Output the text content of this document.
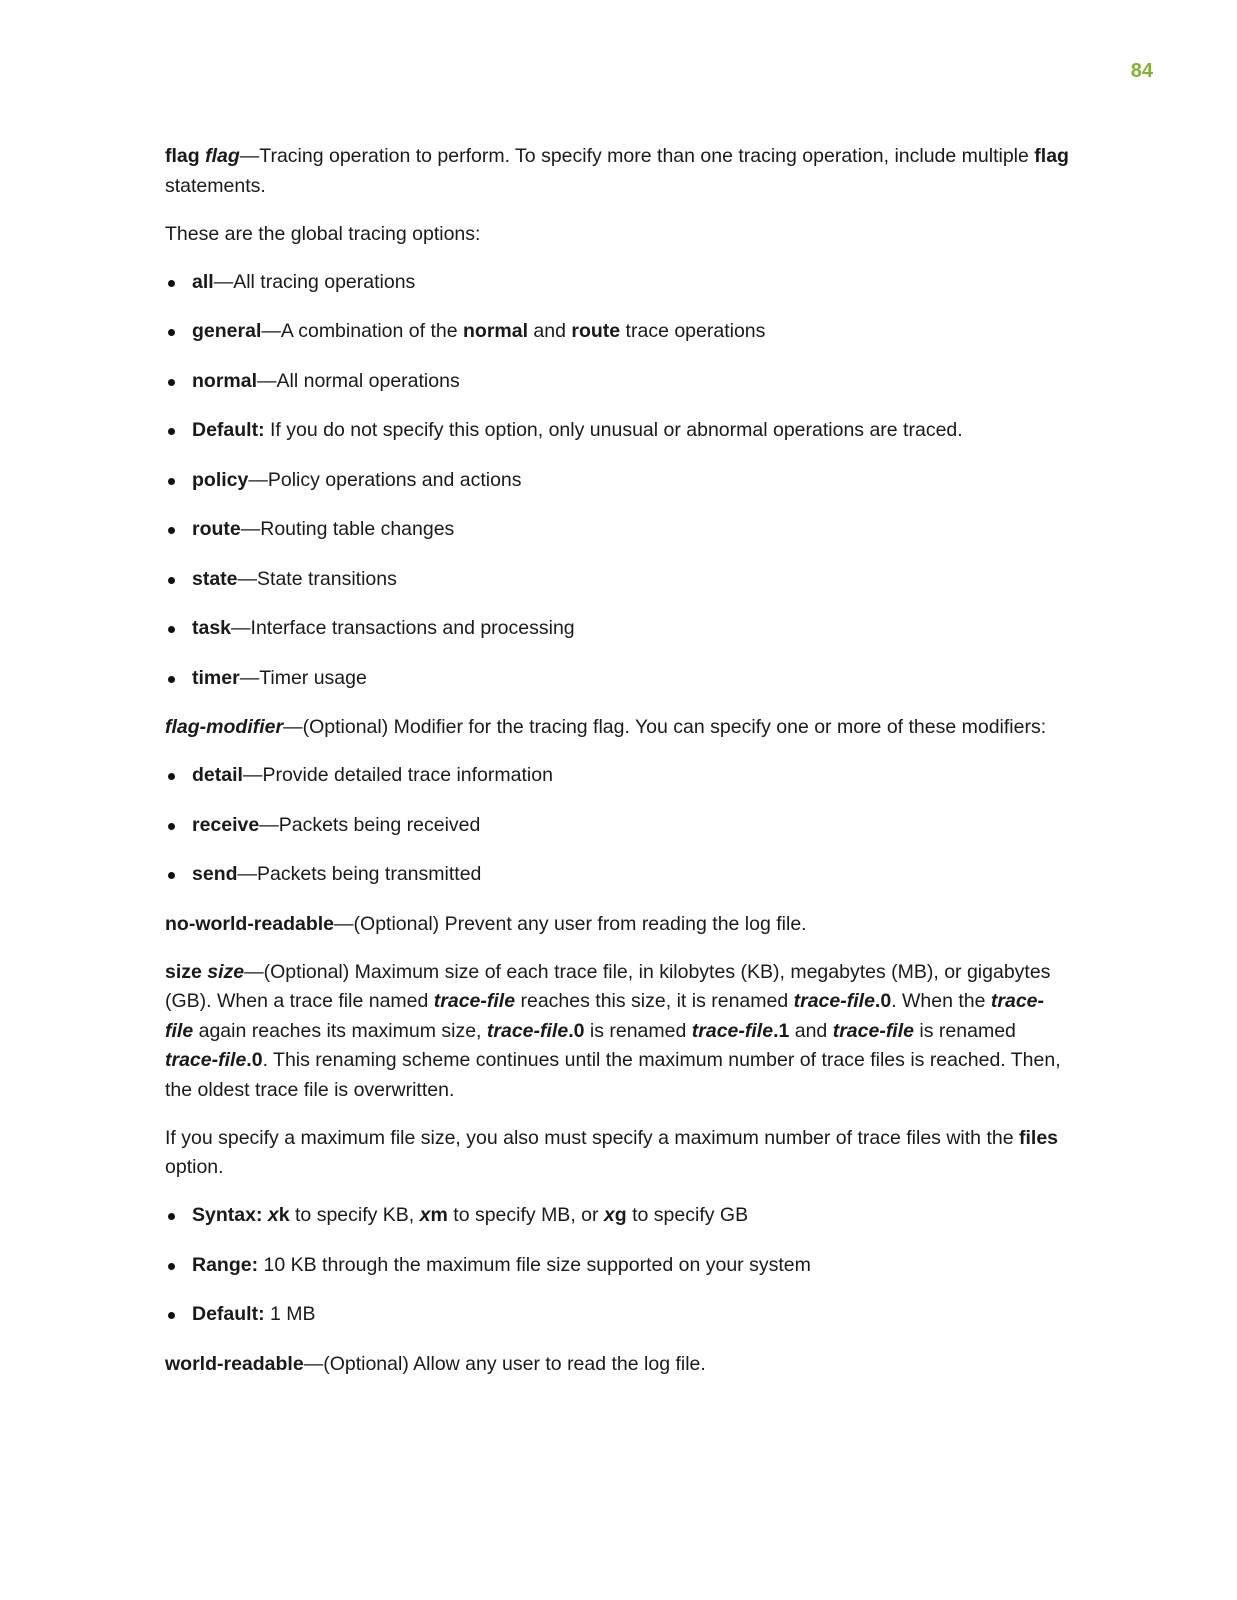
84

flag flag—Tracing operation to perform. To specify more than one tracing operation, include multiple flag statements.

These are the global tracing options:

all—All tracing operations
general—A combination of the normal and route trace operations
normal—All normal operations
Default: If you do not specify this option, only unusual or abnormal operations are traced.
policy—Policy operations and actions
route—Routing table changes
state—State transitions
task—Interface transactions and processing
timer—Timer usage

flag-modifier—(Optional) Modifier for the tracing flag. You can specify one or more of these modifiers:

detail—Provide detailed trace information
receive—Packets being received
send—Packets being transmitted

no-world-readable—(Optional) Prevent any user from reading the log file.

size size—(Optional) Maximum size of each trace file, in kilobytes (KB), megabytes (MB), or gigabytes (GB). When a trace file named trace-file reaches this size, it is renamed trace-file.0. When the trace-file again reaches its maximum size, trace-file.0 is renamed trace-file.1 and trace-file is renamed trace-file.0. This renaming scheme continues until the maximum number of trace files is reached. Then, the oldest trace file is overwritten.

If you specify a maximum file size, you also must specify a maximum number of trace files with the files option.

Syntax: xk to specify KB, xm to specify MB, or xg to specify GB
Range: 10 KB through the maximum file size supported on your system
Default: 1 MB

world-readable—(Optional) Allow any user to read the log file.
